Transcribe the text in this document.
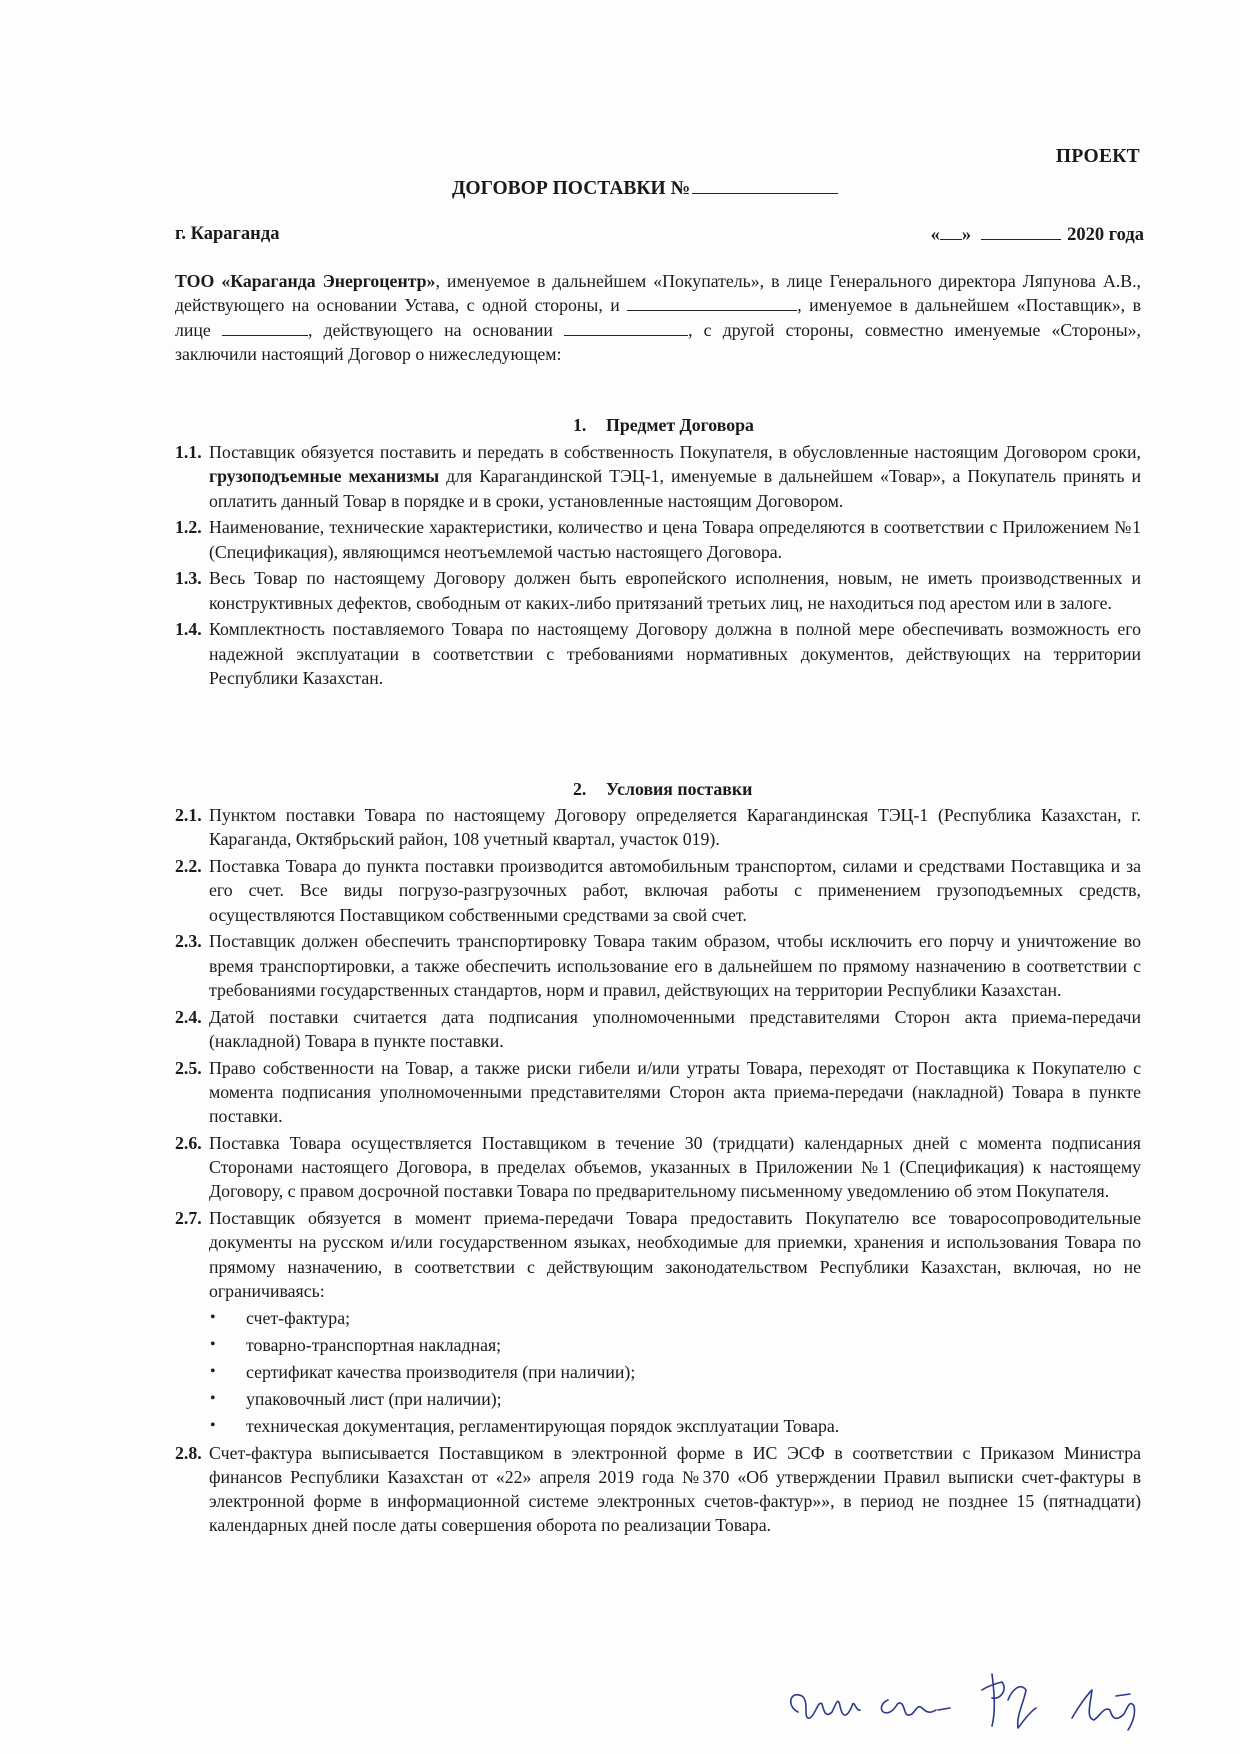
ПРОЕКТ
ДОГОВОР ПОСТАВКИ №
г. Караганда	« »	2020 года
ТОО «Караганда Энергоцентр», именуемое в дальнейшем «Покупатель», в лице Генерального директора Ляпунова А.В., действующего на основании Устава, с одной стороны, и	, именуемое в дальнейшем «Поставщик», в лице	, действующего на основании	, с другой стороны, совместно именуемые «Стороны», заключили настоящий Договор о нижеследующем:
1. Предмет Договора
1.1. Поставщик обязуется поставить и передать в собственность Покупателя, в обусловленные настоящим Договором сроки, грузоподъемные механизмы для Карагандинской ТЭЦ-1, именуемые в дальнейшем «Товар», а Покупатель принять и оплатить данный Товар в порядке и в сроки, установленные настоящим Договором.
1.2. Наименование, технические характеристики, количество и цена Товара определяются в соответствии с Приложением №1 (Спецификация), являющимся неотъемлемой частью настоящего Договора.
1.3. Весь Товар по настоящему Договору должен быть европейского исполнения, новым, не иметь производственных и конструктивных дефектов, свободным от каких-либо притязаний третьих лиц, не находиться под арестом или в залоге.
1.4. Комплектность поставляемого Товара по настоящему Договору должна в полной мере обеспечивать возможность его надежной эксплуатации в соответствии с требованиями нормативных документов, действующих на территории Республики Казахстан.
2. Условия поставки
2.1. Пунктом поставки Товара по настоящему Договору определяется Карагандинская ТЭЦ-1 (Республика Казахстан, г. Караганда, Октябрьский район, 108 учетный квартал, участок 019).
2.2. Поставка Товара до пункта поставки производится автомобильным транспортом, силами и средствами Поставщика и за его счет. Все виды погрузо-разгрузочных работ, включая работы с применением грузоподъемных средств, осуществляются Поставщиком собственными средствами за свой счет.
2.3. Поставщик должен обеспечить транспортировку Товара таким образом, чтобы исключить его порчу и уничтожение во время транспортировки, а также обеспечить использование его в дальнейшем по прямому назначению в соответствии с требованиями государственных стандартов, норм и правил, действующих на территории Республики Казахстан.
2.4. Датой поставки считается дата подписания уполномоченными представителями Сторон акта приема-передачи (накладной) Товара в пункте поставки.
2.5. Право собственности на Товар, а также риски гибели и/или утраты Товара, переходят от Поставщика к Покупателю с момента подписания уполномоченными представителями Сторон акта приема-передачи (накладной) Товара в пункте поставки.
2.6. Поставка Товара осуществляется Поставщиком в течение 30 (тридцати) календарных дней с момента подписания Сторонами настоящего Договора, в пределах объемов, указанных в Приложении №1 (Спецификация) к настоящему Договору, с правом досрочной поставки Товара по предварительному письменному уведомлению об этом Покупателя.
2.7. Поставщик обязуется в момент приема-передачи Товара предоставить Покупателю все товаросопроводительные документы на русском и/или государственном языках, необходимые для приемки, хранения и использования Товара по прямому назначению, в соответствии с действующим законодательством Республики Казахстан, включая, но не ограничиваясь:
• счет-фактура;
• товарно-транспортная накладная;
• сертификат качества производителя (при наличии);
• упаковочный лист (при наличии);
• техническая документация, регламентирующая порядок эксплуатации Товара.
2.8. Счет-фактура выписывается Поставщиком в электронной форме в ИС ЭСФ в соответствии с Приказом Министра финансов Республики Казахстан от «22» апреля 2019 года №370 «Об утверждении Правил выписки счет-фактуры в электронной форме в информационной системе электронных счетов-фактур»», в период не позднее 15 (пятнадцати) календарных дней после даты совершения оборота по реализации Товара.
